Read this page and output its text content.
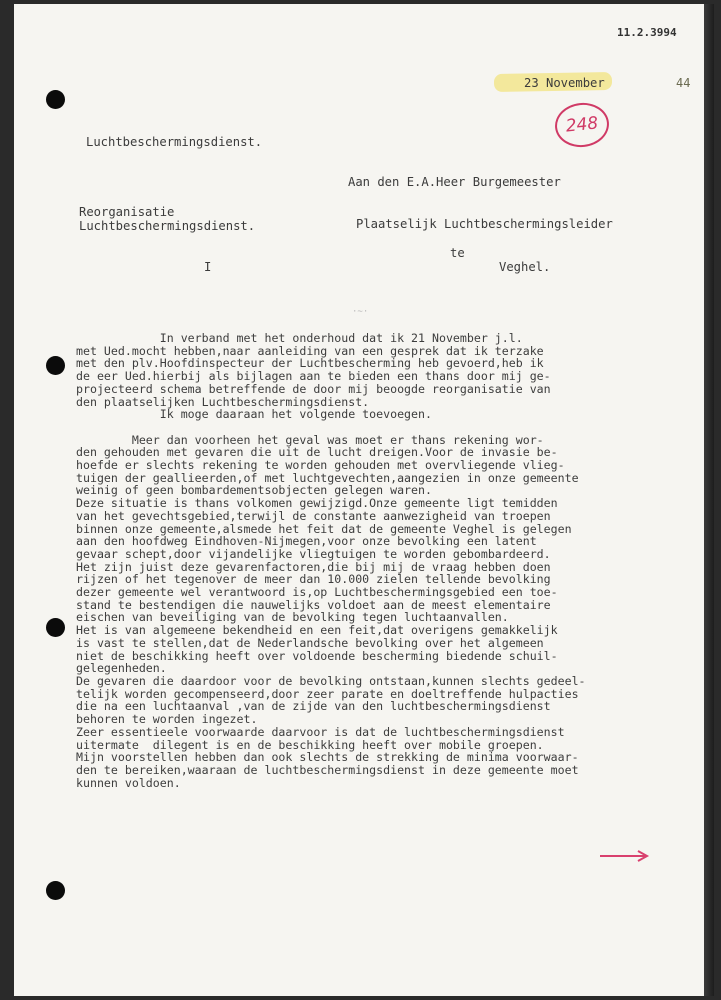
11.2.3994
23 November	44
248
Luchtbeschermingsdienst.
Aan den E.A.Heer Burgemeester
Reorganisatie
Luchtbeschermingsdienst.	Plaatselijk Luchtbeschermingsleider
te
I	Veghel.
·~·
In verband met het onderhoud dat ik 21 November j.l.
met Ued.mocht hebben,naar aanleiding van een gesprek dat ik terzake
met den plv.Hoofdinspecteur der Luchtbescherming heb gevoerd,heb ik
de eer Ued.hierbij als bijlagen aan te bieden een thans door mij ge-
projecteerd schema betreffende de door mij beoogde reorganisatie van
den plaatselijken Luchtbeschermingsdienst.
Ik moge daaraan het volgende toevoegen.

Meer dan voorheen het geval was moet er thans rekening wor-
den gehouden met gevaren die uit de lucht dreigen.Voor de invasie be-
hoefde er slechts rekening te worden gehouden met overvliegende vlieg-
tuigen der geallieerden,of met luchtgevechten,aangezien in onze gemeente
weinig of geen bombardementsobjecten gelegen waren.
Deze situatie is thans volkomen gewijzigd.Onze gemeente ligt temidden
van het gevechtsgebied,terwijl de constante aanwezigheid van troepen
binnen onze gemeente,alsmede het feit dat de gemeente Veghel is gelegen
aan den hoofdweg Eindhoven-Nijmegen,voor onze bevolking een latent
gevaar schept,door vijandelijke vliegtuigen te worden gebombardeerd.
Het zijn juist deze gevarenfactoren,die bij mij de vraag hebben doen
rijzen of het tegenover de meer dan 10.000 zielen tellende bevolking
dezer gemeente wel verantwoord is,op Luchtbeschermingsgebied een toe-
stand te bestendigen die nauwelijks voldoet aan de meest elementaire
eischen van beveiliging van de bevolking tegen luchtaanvallen.
Het is van algemeene bekendheid en een feit,dat overigens gemakkelijk
is vast te stellen,dat de Nederlandsche bevolking over het algemeen
niet de beschikking heeft over voldoende bescherming biedende schuil-
gelegenheden.
De gevaren die daardoor voor de bevolking ontstaan,kunnen slechts gedeel-
telijk worden gecompenseerd,door zeer parate en doeltreffende hulpacties
die na een luchtaanval ,van de zijde van den luchtbeschermingsdienst
behoren te worden ingezet.
Zeer essentieele voorwaarde daarvoor is dat de luchtbeschermingsdienst
uitermate  dilegent is en de beschikking heeft over mobile groepen.
Mijn voorstellen hebben dan ook slechts de strekking de minima voorwaar-
den te bereiken,waaraan de luchtbeschermingsdienst in deze gemeente moet
kunnen voldoen.
